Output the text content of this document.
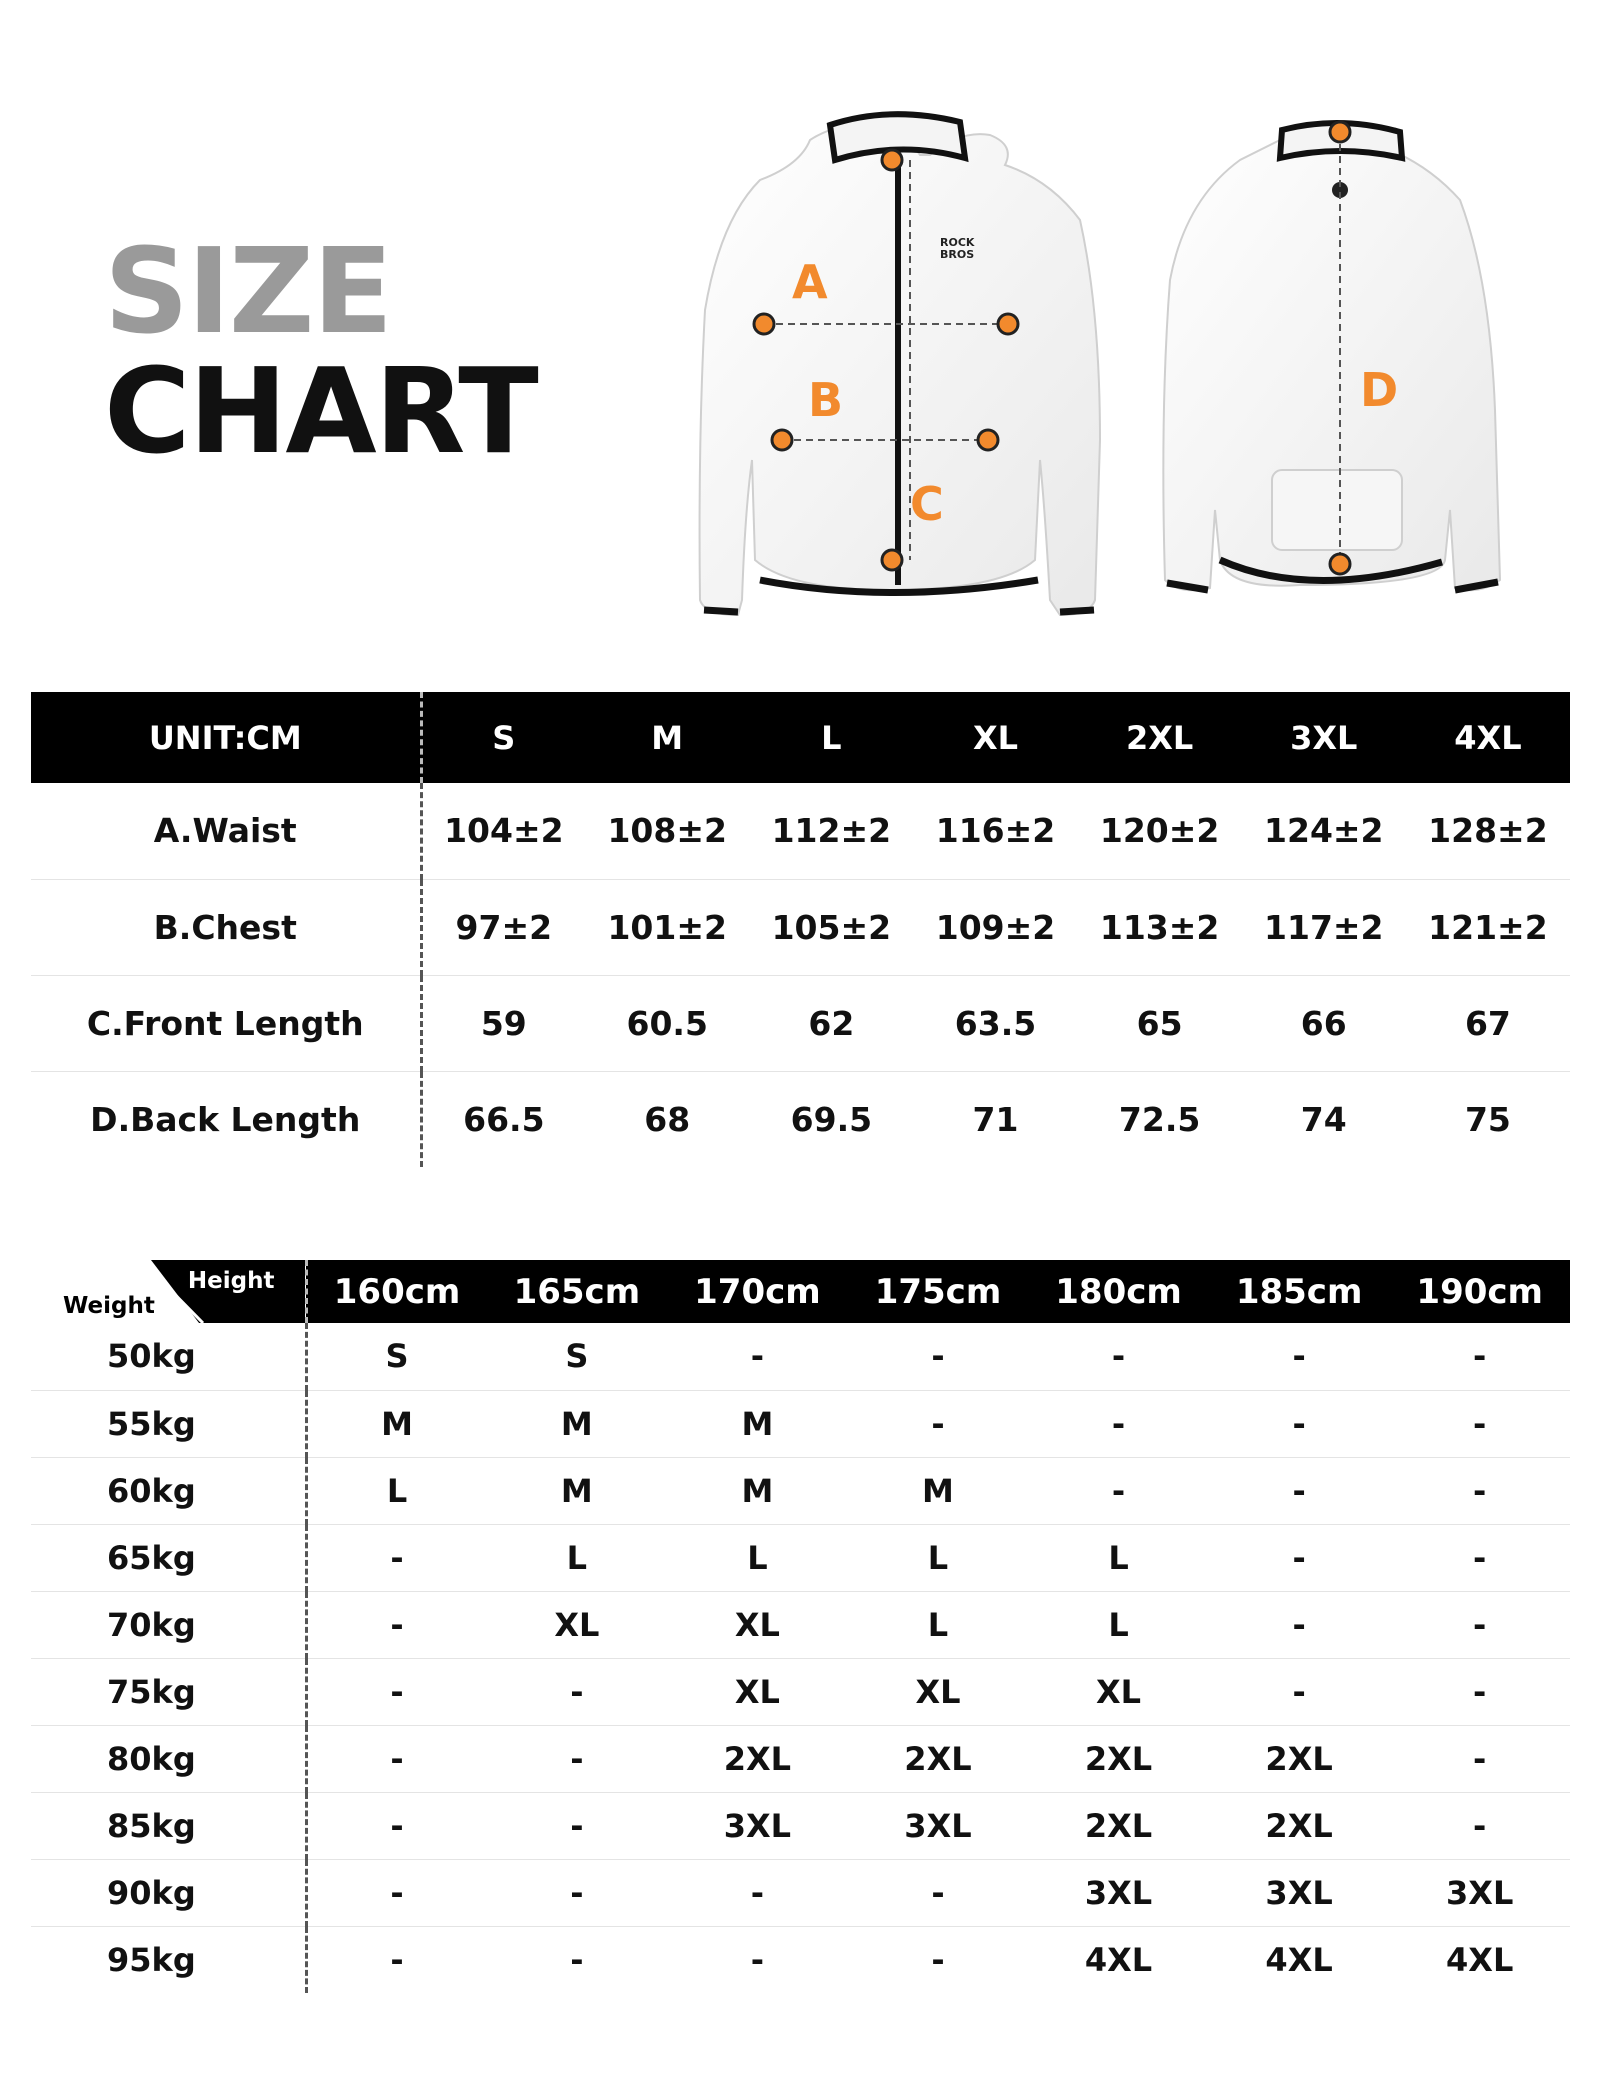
SIZE
CHART
ROCK
BROS
A
B
C
D
UNIT:CM	S	M	L	XL	2XL	3XL	4XL
A.Waist	104±2	108±2	112±2	116±2	120±2	124±2	128±2
B.Chest	97±2	101±2	105±2	109±2	113±2	117±2	121±2
C.Front Length	59	60.5	62	63.5	65	66	67
D.Back Length	66.5	68	69.5	71	72.5	74	75
Height
Weight	160cm	165cm	170cm	175cm	180cm	185cm	190cm
50kg	S	S	-	-	-	-	-
55kg	M	M	M	-	-	-	-
60kg	L	M	M	M	-	-	-
65kg	-	L	L	L	L	-	-
70kg	-	XL	XL	L	L	-	-
75kg	-	-	XL	XL	XL	-	-
80kg	-	-	2XL	2XL	2XL	2XL	-
85kg	-	-	3XL	3XL	2XL	2XL	-
90kg	-	-	-	-	3XL	3XL	3XL
95kg	-	-	-	-	4XL	4XL	4XL
